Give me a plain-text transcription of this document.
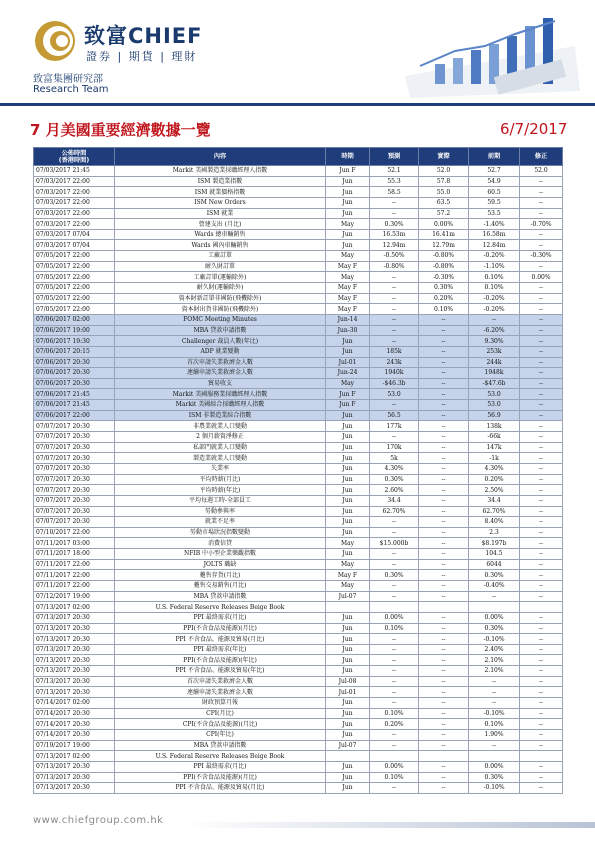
致富CHIEF
證券 | 期貨 | 理財
致富集團研究部
Research Team
7 月美國重要經濟數據一覽	6/7/2017
公佈時間
(香港時間)	內容	時期	預測	實際	前期	修正
07/03/2017 21:45	Markit 美國製造業採購經理人指數	Jun F	52.1	52.0	52.7	52.0
07/03/2017 22:00	ISM 製造業指數	Jun	55.3	57.8	54.9	--
07/03/2017 22:00	ISM 就業價格指數	Jun	58.5	55.0	60.5	--
07/03/2017 22:00	ISM New Orders	Jun	--	63.5	59.5	--
07/03/2017 22:00	ISM 就業	Jun	--	57.2	53.5	--
07/03/2017 22:00	營建支出 (月比)	May	0.30%	0.00%	-1.40%	-0.70%
07/03/2017 07/04	Wards 總車輛銷售	Jun	16.53m	16.41m	16.58m	--
07/03/2017 07/04	Wards 國內車輛銷售	Jun	12.94m	12.79m	12.84m	--
07/05/2017 22:00	工廠訂單	May	-0.50%	-0.80%	-0.20%	-0.30%
07/05/2017 22:00	耐久財訂單	May F	-0.80%	-0.80%	-1.10%	--
07/05/2017 22:00	工廠訂單(運輸除外)	May	--	-0.30%	0.10%	0.00%
07/05/2017 22:00	耐久財(運輸除外)	May F	--	0.30%	0.10%	--
07/05/2017 22:00	資本財新訂單非國防(飛機除外)	May F	--	0.20%	-0.20%	--
07/05/2017 22:00	資本財出貨非國防(飛機除外)	May F	--	0.10%	-0.20%	--
07/06/2017 02:00	FOMC Meeting Minutes	Jun-14	--	--	--	--
07/06/2017 19:00	MBA 貸款申請指數	Jun-30	--	--	-6.20%	--
07/06/2017 19:30	Challenger 裁員人數(年比)	Jun	--	--	9.30%	--
07/06/2017 20:15	ADP 就業變動	Jun	185k	--	253k	--
07/06/2017 20:30	首次申請失業救濟金人數	Jul-01	243k	--	244k	--
07/06/2017 20:30	連續申請失業救濟金人數	Jun-24	1940k	--	1948k	--
07/06/2017 20:30	貿易收支	May	-$46.3b	--	-$47.6b	--
07/06/2017 21:45	Markit 美國服務業採購經理人指數	Jun F	53.0	--	53.0	--
07/06/2017 21:45	Markit 美國綜合採購經理人指數	Jun F	--	--	53.0	--
07/06/2017 22:00	ISM 非製造業綜合指數	Jun	56.5	--	56.9	--
07/07/2017 20:30	非農業就業人口變動	Jun	177k	--	138k	--
07/07/2017 20:30	2 個月薪資淨修正	Jun	--	--	-66k	--
07/07/2017 20:30	私部門就業人口變動	Jun	170k	--	147k	--
07/07/2017 20:30	製造業就業人口變動	Jun	5k	--	-1k	--
07/07/2017 20:30	失業率	Jun	4.30%	--	4.30%	--
07/07/2017 20:30	平均時薪(月比)	Jun	0.30%	--	0.20%	--
07/07/2017 20:30	平均時薪(年比)	Jun	2.60%	--	2.50%	--
07/07/2017 20:30	平均每週工時-全部員工	Jun	34.4	--	34.4	--
07/07/2017 20:30	勞動參與率	Jun	62.70%	--	62.70%	--
07/07/2017 20:30	就業不足率	Jun	--	--	8.40%	--
07/10/2017 22:00	勞動市場狀況指數變動	Jun	--	--	2.3	--
07/11/2017 03:00	消費信貸	May	$15.000b	--	$8.197b	--
07/11/2017 18:00	NFIB 中小型企業樂觀指數	Jun	--	--	104.5	--
07/11/2017 22:00	JOLTS 職缺	May	--	--	6044	--
07/11/2017 22:00	躉售存貨(月比)	May F	0.30%	--	0.30%	--
07/11/2017 22:00	躉售交易銷售(月比)	May	--	--	-0.40%	--
07/12/2017 19:00	MBA 貸款申請指數	Jul-07	--	--	--	--
07/13/2017 02:00	U.S. Federal Reserve Releases Beige Book					
07/13/2017 20:30	PPI 最終需求(月比)	Jun	0.00%	--	0.00%	--
07/13/2017 20:30	PPI(不含食品及能源)(月比)	Jun	0.10%	--	0.30%	--
07/13/2017 20:30	PPI 不含食品、能源及貿易(月比)	Jun	--	--	-0.10%	--
07/13/2017 20:30	PPI 最終需求(年比)	Jun	--	--	2.40%	--
07/13/2017 20:30	PPI(不含食品及能源)(年比)	Jun	--	--	2.10%	--
07/13/2017 20:30	PPI 不含食品、能源及貿易(年比)	Jun	--	--	2.10%	--
07/13/2017 20:30	首次申請失業救濟金人數	Jul-08	--	--	--	--
07/13/2017 20:30	連續申請失業救濟金人數	Jul-01	--	--	--	--
07/14/2017 02:00	財政預算月報	Jun	--	--	--	--
07/14/2017 20:30	CPI(月比)	Jun	0.10%	--	-0.10%	--
07/14/2017 20:30	CPI(不含食品及能源)(月比)	Jun	0.20%	--	0.10%	--
07/14/2017 20:30	CPI(年比)	Jun	--	--	1.90%	--
07/19/2017 19:00	MBA 貸款申請指數	Jul-07	--	--	--	--
07/13/2017 02:00	U.S. Federal Reserve Releases Beige Book					
07/13/2017 20:30	PPI 最終需求(月比)	Jun	0.00%	--	0.00%	--
07/13/2017 20:30	PPI(不含食品及能源)(月比)	Jun	0.10%	--	0.30%	--
07/13/2017 20:30	PPI 不含食品、能源及貿易(月比)	Jun	--	--	-0.10%	--
www.chiefgroup.com.hk
